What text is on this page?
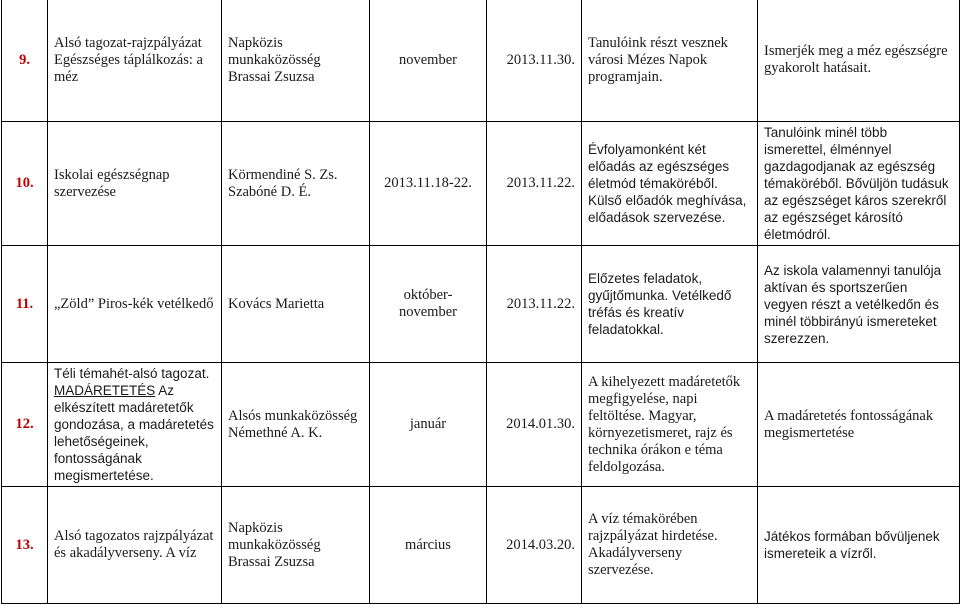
9.	Alsó tagozat-rajzpályázat Egészséges táplálkozás: a méz	Napközis munkaközösség Brassai Zsuzsa	november	2013.11.30.	Tanulóink részt vesznek városi Mézes Napok programjain.	Ismerjék meg a méz egészségre gyakorolt hatásait.
10.	Iskolai egészségnap szervezése	Körmendiné S. Zs. Szabóné D. É.	2013.11.18-22.	2013.11.22.	Évfolyamonként két előadás az egészséges életmód témaköréből. Külső előadók meghívása, előadások szervezése.	Tanulóink minél több ismerettel, élménnyel gazdagodjanak az egészség témaköréből. Bővüljön tudásuk az egészséget káros szerekről az egészséget károsító életmódról.
11.	„Zöld” Piros-kék vetélkedő	Kovács Marietta	október-november	2013.11.22.	Előzetes feladatok, gyűjtőmunka. Vetélkedő tréfás és kreatív feladatokkal.	Az iskola valamennyi tanulója aktívan és sportszerűen vegyen részt a vetélkedőn és minél többirányú ismereteket szerezzen.
12.	Téli témahét-alsó tagozat. MADÁRETETÉS Az elkészített madáretetők gondozása, a madáretetés lehetőségeinek, fontosságának megismertetése.	Alsós munkaközösség Némethné A. K.	január	2014.01.30.	A kihelyezett madáretetők megfigyelése, napi feltöltése. Magyar, környezetismeret, rajz és technika órákon e téma feldolgozása.	A madáretetés fontosságának megismertetése
13.	Alsó tagozatos rajzpályázat és akadályverseny. A víz	Napközis munkaközösség Brassai Zsuzsa	március	2014.03.20.	A víz témakörében rajzpályázat hirdetése. Akadályverseny szervezése.	Játékos formában bővüljenek ismereteik a vízről.
